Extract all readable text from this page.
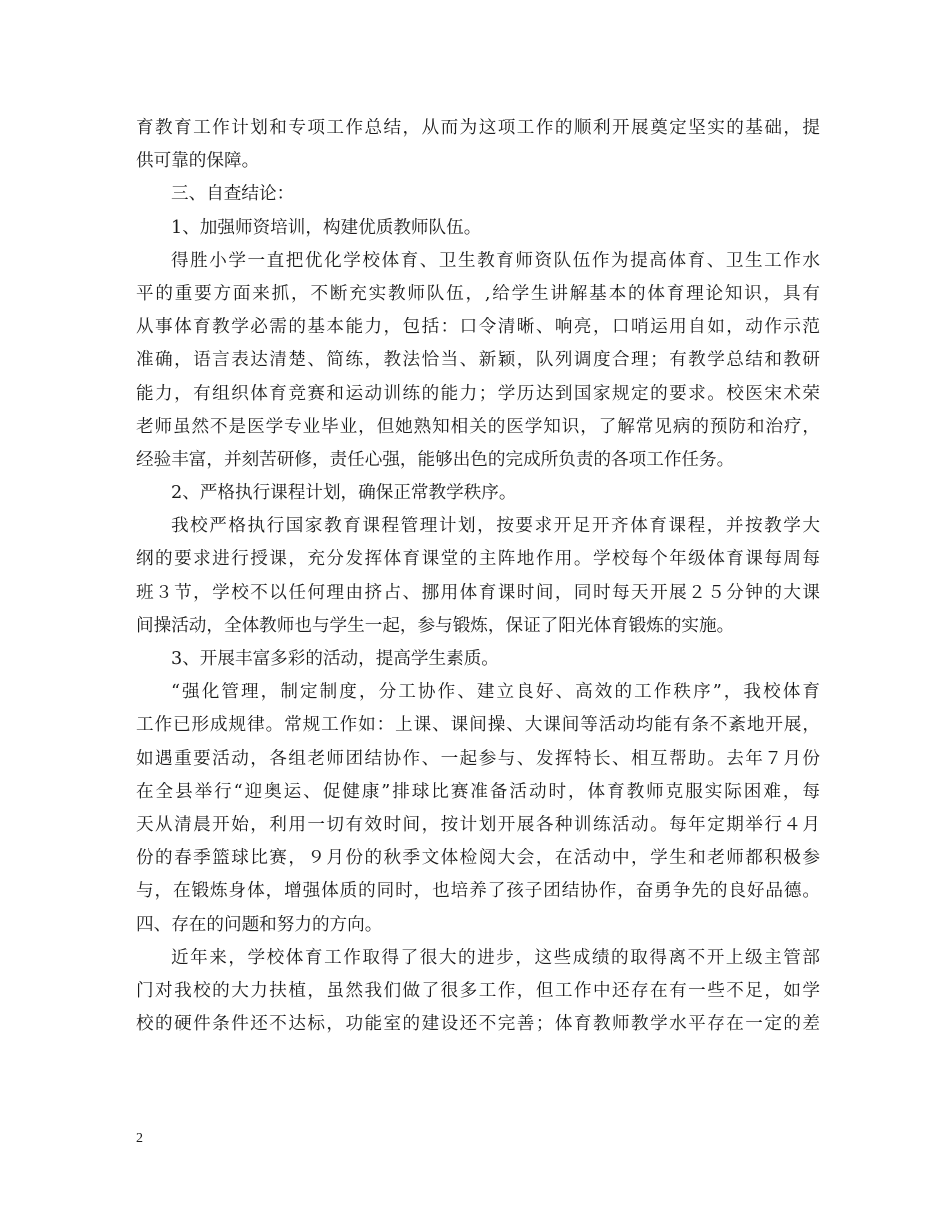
育教育工作计划和专项工作总结，从而为这项工作的顺利开展奠定坚实的基础，提
供可靠的保障。
三、自查结论：
1、加强师资培训，构建优质教师队伍。
得胜小学一直把优化学校体育、卫生教育师资队伍作为提高体育、卫生工作水
平的重要方面来抓，不断充实教师队伍，,给学生讲解基本的体育理论知识，具有
从事体育教学必需的基本能力，包括：口令清晰、响亮，口哨运用自如，动作示范
准确，语言表达清楚、简练，教法恰当、新颖，队列调度合理；有教学总结和教研
能力，有组织体育竞赛和运动训练的能力；学历达到国家规定的要求。校医宋术荣
老师虽然不是医学专业毕业，但她熟知相关的医学知识，了解常见病的预防和治疗，
经验丰富，并刻苦研修，责任心强，能够出色的完成所负责的各项工作任务。
2、严格执行课程计划，确保正常教学秩序。
我校严格执行国家教育课程管理计划，按要求开足开齐体育课程，并按教学大
纲的要求进行授课，充分发挥体育课堂的主阵地作用。学校每个年级体育课每周每
班３节，学校不以任何理由挤占、挪用体育课时间，同时每天开展２５分钟的大课
间操活动，全体教师也与学生一起，参与锻炼，保证了阳光体育锻炼的实施。
3、开展丰富多彩的活动，提高学生素质。
“强化管理，制定制度，分工协作、建立良好、高效的工作秩序”，我校体育
工作已形成规律。常规工作如：上课、课间操、大课间等活动均能有条不紊地开展，
如遇重要活动，各组老师团结协作、一起参与、发挥特长、相互帮助。去年７月份
在全县举行“迎奥运、促健康”排球比赛准备活动时，体育教师克服实际困难，每
天从清晨开始，利用一切有效时间，按计划开展各种训练活动。每年定期举行４月
份的春季篮球比赛，９月份的秋季文体检阅大会，在活动中，学生和老师都积极参
与，在锻炼身体，增强体质的同时，也培养了孩子团结协作，奋勇争先的良好品德。
四、存在的问题和努力的方向。
近年来，学校体育工作取得了很大的进步，这些成绩的取得离不开上级主管部
门对我校的大力扶植，虽然我们做了很多工作，但工作中还存在有一些不足，如学
校的硬件条件还不达标，功能室的建设还不完善；体育教师教学水平存在一定的差
2
